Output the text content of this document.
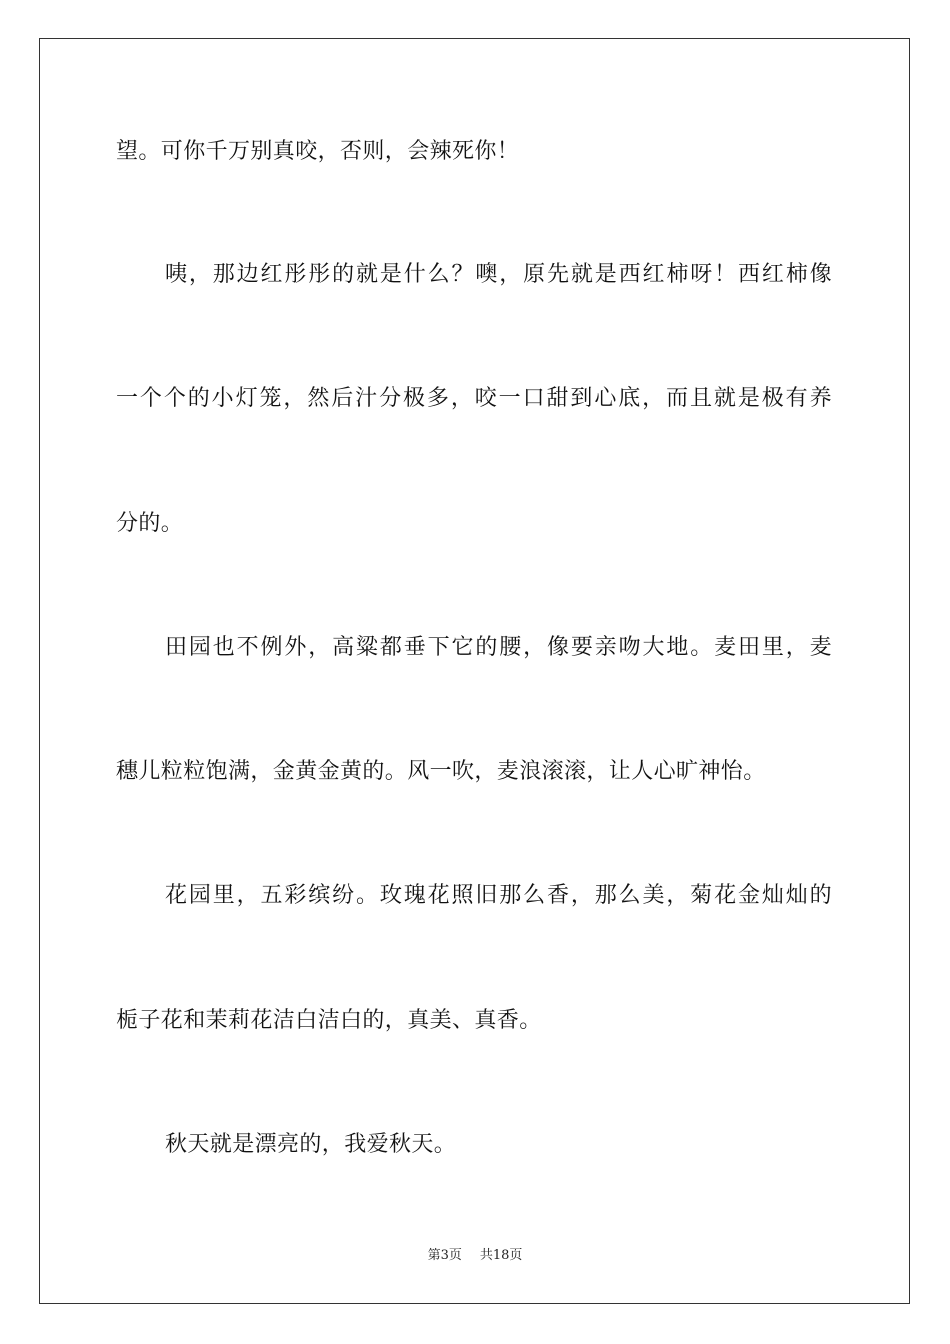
望。可你千万别真咬，否则，会辣死你！
咦，那边红彤彤的就是什么？噢，原先就是西红柿呀！西红柿像
一个个的小灯笼，然后汁分极多，咬一口甜到心底，而且就是极有养
分的。
田园也不例外，高粱都垂下它的腰，像要亲吻大地。麦田里，麦
穗儿粒粒饱满，金黄金黄的。风一吹，麦浪滚滚，让人心旷神怡。
花园里，五彩缤纷。玫瑰花照旧那么香，那么美，菊花金灿灿的
栀子花和茉莉花洁白洁白的，真美、真香。
秋天就是漂亮的，我爱秋天。
第3页 共18页
